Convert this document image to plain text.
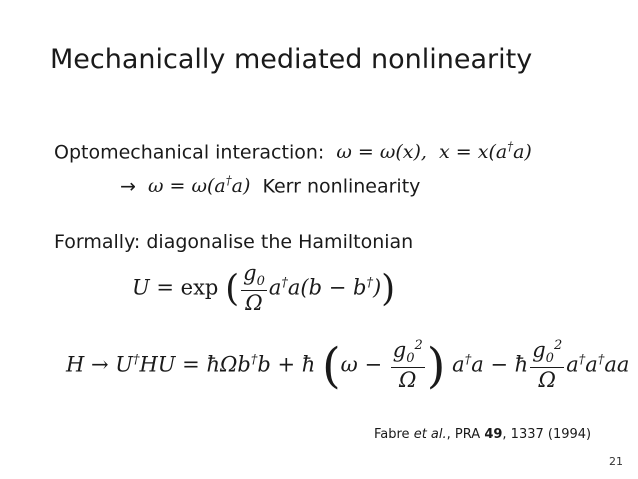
Mechanically mediated nonlinearity
Optomechanical interaction:  ω = ω(x),  x = x(a†a)
→  ω = ω(a†a)  Kerr nonlinearity
Formally: diagonalise the Hamiltonian
U = exp ( $\frac{g_0}{\Omega} a^\dagger a(b - b^\dagger)$)
H → U†HU = ħΩb†b + ħ ($\omega - \frac{g_0^2}{\Omega}$ ) a†a − ħ $\frac{g_0^2}{\Omega} a^\dagger a^\dagger aa$
Fabre et al., PRA 49, 1337 (1994)
21
